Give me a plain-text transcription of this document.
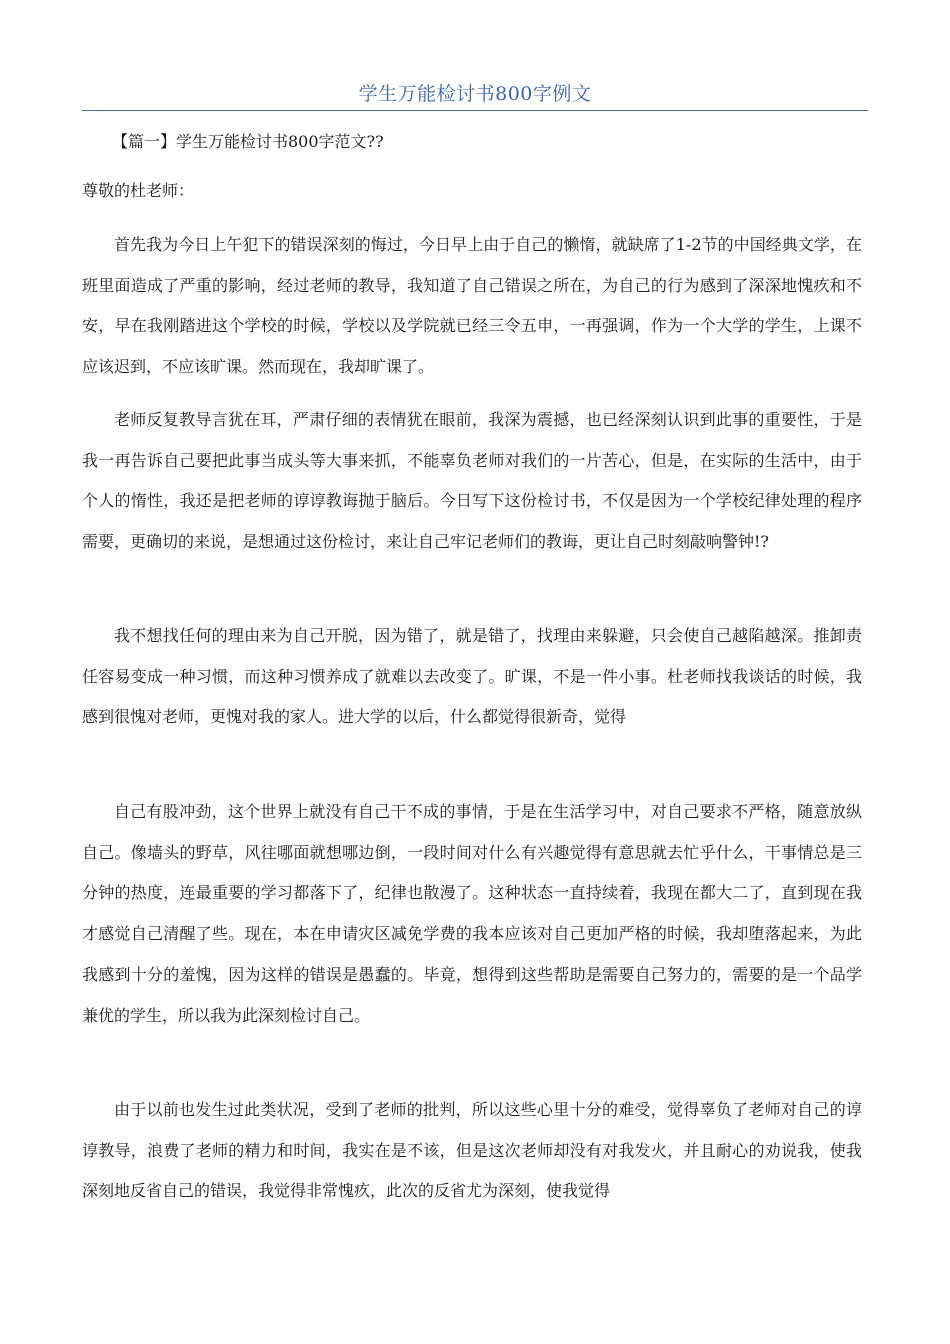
学生万能检讨书800字例文
【篇一】学生万能检讨书800字范文??
尊敬的杜老师：

首先我为今日上午犯下的错误深刻的悔过，今日早上由于自己的懒惰，就缺席了1-2节的中国经典文学，在班里面造成了严重的影响，经过老师的教导，我知道了自己错误之所在，为自己的行为感到了深深地愧疚和不安，早在我刚踏进这个学校的时候，学校以及学院就已经三令五申，一再强调，作为一个大学的学生，上课不应该迟到，不应该旷课。然而现在，我却旷课了。

老师反复教导言犹在耳，严肃仔细的表情犹在眼前，我深为震撼，也已经深刻认识到此事的重要性，于是我一再告诉自己要把此事当成头等大事来抓，不能辜负老师对我们的一片苦心，但是，在实际的生活中，由于个人的惰性，我还是把老师的谆谆教诲抛于脑后。今日写下这份检讨书，不仅是因为一个学校纪律处理的程序需要，更确切的来说，是想通过这份检讨，来让自己牢记老师们的教诲，更让自己时刻敲响警钟!?

我不想找任何的理由来为自己开脱，因为错了，就是错了，找理由来躲避，只会使自己越陷越深。推卸责任容易变成一种习惯，而这种习惯养成了就难以去改变了。旷课，不是一件小事。杜老师找我谈话的时候，我感到很愧对老师，更愧对我的家人。进大学的以后，什么都觉得很新奇，觉得

自己有股冲劲，这个世界上就没有自己干不成的事情，于是在生活学习中，对自己要求不严格，随意放纵自己。像墙头的野草，风往哪面就想哪边倒，一段时间对什么有兴趣觉得有意思就去忙乎什么，干事情总是三分钟的热度，连最重要的学习都落下了，纪律也散漫了。这种状态一直持续着，我现在都大二了，直到现在我才感觉自己清醒了些。现在，本在申请灾区减免学费的我本应该对自己更加严格的时候，我却堕落起来，为此我感到十分的羞愧，因为这样的错误是愚蠢的。毕竟，想得到这些帮助是需要自己努力的，需要的是一个品学兼优的学生，所以我为此深刻检讨自己。

由于以前也发生过此类状况，受到了老师的批判，所以这些心里十分的难受，觉得辜负了老师对自己的谆谆教导，浪费了老师的精力和时间，我实在是不该，但是这次老师却没有对我发火，并且耐心的劝说我，使我深刻地反省自己的错误，我觉得非常愧疚，此次的反省尤为深刻，使我觉得
